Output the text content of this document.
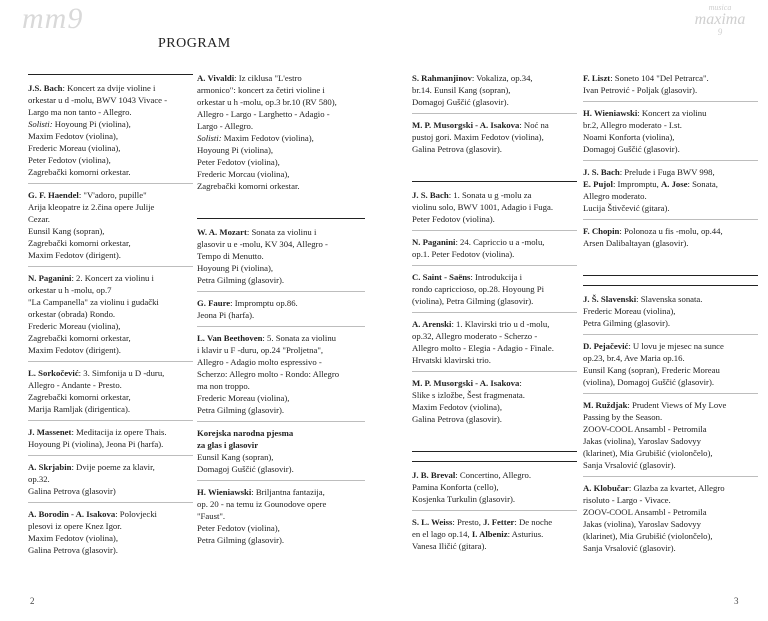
mm9	musica
maxima
9
PROGRAM
J.S. Bach: Koncert za dvije violine i
orkestar u d -molu, BWV 1043 Vivace -
Largo ma non tanto - Allegro.
Solisti: Hoyoung Pi (violina),
Maxim Fedotov (violina),
Frederic Moreau (violina),
Peter Fedotov (violina),
Zagrebački komorni orkestar.
G. F. Haendel: "V'adoro, pupille"
Arija kleopatre iz 2.čina opere Julije
Cezar.
Eunsil Kang (sopran),
Zagrebački komorni orkestar,
Maxim Fedotov (dirigent).
N. Paganini: 2. Koncert za violinu i
orkestar u h -molu, op.7
"La Campanella" za violinu i gudački
orkestar (obrada) Rondo.
Frederic Moreau (violina),
Zagrebački komorni orkestar,
Maxim Fedotov (dirigent).
L. Sorkočević: 3. Simfonija u D -duru,
Allegro - Andante - Presto.
Zagrebački komorni orkestar,
Marija Ramljak (dirigentica).
J. Massenet: Meditacija iz opere Thais.
Hoyoung Pi (violina), Jeona Pi (harfa).
A. Skrjabin: Dvije poeme za klavir,
op.32.
Galina Petrova (glasovir)
A. Borodin - A. Isakova: Polovjecki
plesovi iz opere Knez Igor.
Maxim Fedotov (violina),
Galina Petrova (glasovir).
A. Vivaldi: Iz ciklusa "L'estro
armonico": koncert za četiri violine i
orkestar u h -molu, op.3 br.10 (RV 580),
Allegro - Largo - Larghetto - Adagio -
Largo - Allegro.
Solisti: Maxim Fedotov (violina),
Hoyoung Pi (violina),
Peter Fedotov (violina),
Frederic Morcau (violina),
Zagrebački komorni orkestar.
W. A. Mozart: Sonata za violinu i
glasovir u e -molu, KV 304, Allegro -
Tempo di Menutto.
Hoyoung Pi (violina),
Petra Gilming (glasovir).
G. Faure: Impromptu op.86.
Jeona Pi (harfa).
L. Van Beethoven: 5. Sonata za violinu
i klavir u F -duru, op.24 "Proljetna",
Allegro - Adagio molto espressivo -
Scherzo: Allegro molto - Rondo: Allegro
ma non troppo.
Frederic Moreau (violina),
Petra Gilming (glasovir).
Korejska narodna pjesma
za glas i glasovir
Eunsil Kang (sopran),
Domagoj Guščić (glasovir).
H. Wieniawski: Briljantna fantazija,
op. 20 - na temu iz Gounodove opere
"Faust".
Peter Fedotov (violina),
Petra Gilming (glasovir).
S. Rahmanjinov: Vokaliza, op.34,
br.14. Eunsil Kang (sopran),
Domagoj Guščić (glasovir).
M. P. Musorgski - A. Isakova: Noć na
pustoj gori. Maxim Fedotov (violina),
Galina Petrova (glasovir).
J. S. Bach: 1. Sonata u g -molu za
violinu solo, BWV 1001, Adagio i Fuga.
Peter Fedotov (violina).
N. Paganini: 24. Capriccio u a -molu,
op.1. Peter Fedotov (violina).
C. Saint - Saëns: Introdukcija i
rondo capriccioso, op.28. Hoyoung Pi
(violina), Petra Gilming (glasovir).
A. Arenski: 1. Klavirski trio u d -molu,
op.32, Allegro moderato - Scherzo -
Allegro molto - Elegia - Adagio - Finale.
Hrvatski klavirski trio.
M. P. Musorgski - A. Isakova:
Slike s izložbe, Šest fragmenata.
Maxim Fedotov (violina),
Galina Petrova (glasovir).
J. B. Breval: Concertino, Allegro.
Pamina Konforta (cello),
Kosjenka Turkulin (glasovir).
S. L. Weiss: Presto, J. Fetter: De noche
en el lago op.14, I. Albeniz: Asturius.
Vanesa Iličić (gitara).
F. Liszt: Soneto 104 "Del Petrarca".
Ivan Petrović - Poljak (glasovir).
H. Wieniawski: Koncert za violinu
br.2, Allegro moderato - I.st.
Noami Konforta (violina),
Domagoj Guščić (glasovir).
J. S. Bach: Prelude i Fuga BWV 998,
E. Pujol: Impromptu, A. Jose: Sonata,
Allegro moderato.
Lucija Štivčević (gitara).
F. Chopin: Polonoza u fis -molu, op.44,
Arsen Dalibaltayan (glasovir).
J. Š. Slavenski: Slavenska sonata.
Frederic Moreau (violina),
Petra Gilming (glasovir).
D. Pejačević: U lovu je mjesec na sunce
op.23, br.4, Ave Maria op.16.
Eunsil Kang (sopran), Frederic Moreau
(violina), Domagoj Guščić (glasovir).
M. Ruždjak: Prudent Views of My Love
Passing by the Season.
ZOOV-COOL Ansambl - Petromila
Jakas (violina), Yaroslav Sadovyy
(klarinet), Mia Grubišić (violončelo),
Sanja Vrsalović (glasovir).
A. Klobučar: Glazba za kvartet, Allegro
risoluto - Largo - Vivace.
ZOOV-COOL Ansambl - Petromila
Jakas (violina), Yaroslav Sadovyy
(klarinet), Mia Grubišić (violončelo),
Sanja Vrsalović (glasovir).
2	3
